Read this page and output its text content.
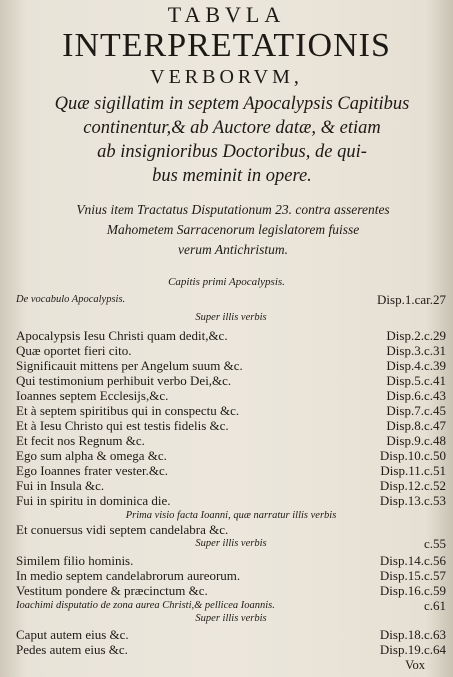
TABVLA
INTERPRETATIONIS
VERBORVM,
Quæ sigillatim in septem Apocalypsis Capitibus
continentur,& ab Auctore datæ, & etiam
ab insignioribus Doctoribus, de qui-
bus meminit in opere.
Vnius item Tractatus Disputationum 23. contra asserentes
Mahometem Sarracenorum legislatorem fuisse
verum Antichristum.
Capitis primi Apocalypsis.
De vocabulo Apocalypsis.	Disp.1.car.27
Super illis verbis
Apocalypsis Iesu Christi quam dedit,&c.	Disp.2.c.29
Quæ oportet fieri cito.	Disp.3.c.31
Significauit mittens per Angelum suum &c.	Disp.4.c.39
Qui testimonium perhibuit verbo Dei,&c.	Disp.5.c.41
Ioannes septem Ecclesijs,&c.	Disp.6.c.43
Et à septem spiritibus qui in conspectu &c.	Disp.7.c.45
Et à Iesu Christo qui est testis fidelis &c.	Disp.8.c.47
Et fecit nos Regnum &c.	Disp.9.c.48
Ego sum alpha & omega &c.	Disp.10.c.50
Ego Ioannes frater vester.&c.	Disp.11.c.51
Fui in Insula &c.	Disp.12.c.52
Fui in spiritu in dominica die.	Disp.13.c.53
Prima visio facta Ioanni, quæ narratur illis verbis
Et conuersus vidi septem candelabra &c.
Super illis verbis	c.55
Similem filio hominis.	Disp.14.c.56
In medio septem candelabrorum aureorum.	Disp.15.c.57
Vestitum pondere & præcinctum &c.	Disp.16.c.59
Ioachimi disputatio de zona aurea Christi,& pellicea Ioannis.	c.61
Super illis verbis
Caput autem eius &c.	Disp.18.c.63
Pedes autem eius &c.	Disp.19.c.64
Vox
